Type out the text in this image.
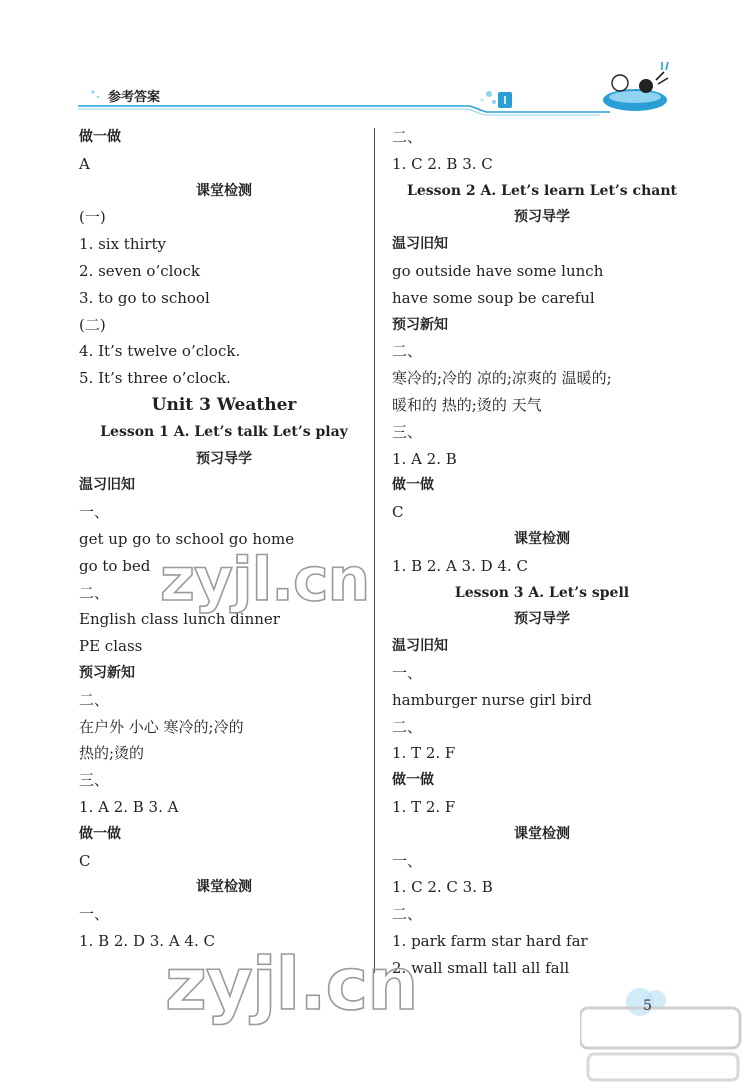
参考答案
做一做
A
课堂检测
(一)
1. six thirty
2. seven o’clock
3. to go to school
(二)
4. It’s twelve o’clock.
5. It’s three o’clock.
Unit 3 Weather
Lesson 1 A. Let’s talk Let’s play
预习导学
温习旧知
一、
get up go to school go home
go to bed
二、
English class lunch dinner
PE class
预习新知
二、
在户外 小心 寒冷的;冷的
热的;烫的
三、
1. A 2. B 3. A
做一做
C
课堂检测
一、
1. B 2. D 3. A 4. C
二、
1. C 2. B 3. C
Lesson 2 A. Let’s learn Let’s chant
预习导学
温习旧知
go outside have some lunch
have some soup be careful
预习新知
二、
寒冷的;冷的 凉的;凉爽的 温暖的;
暖和的 热的;烫的 天气
三、
1. A 2. B
做一做
C
课堂检测
1. B 2. A 3. D 4. C
Lesson 3 A. Let’s spell
预习导学
温习旧知
一、
hamburger nurse girl bird
二、
1. T 2. F
做一做
1. T 2. F
课堂检测
一、
1. C 2. C 3. B
二、
1. park farm star hard far
2. wall small tall all fall
zyjl.cn
zyjl.cn	5
